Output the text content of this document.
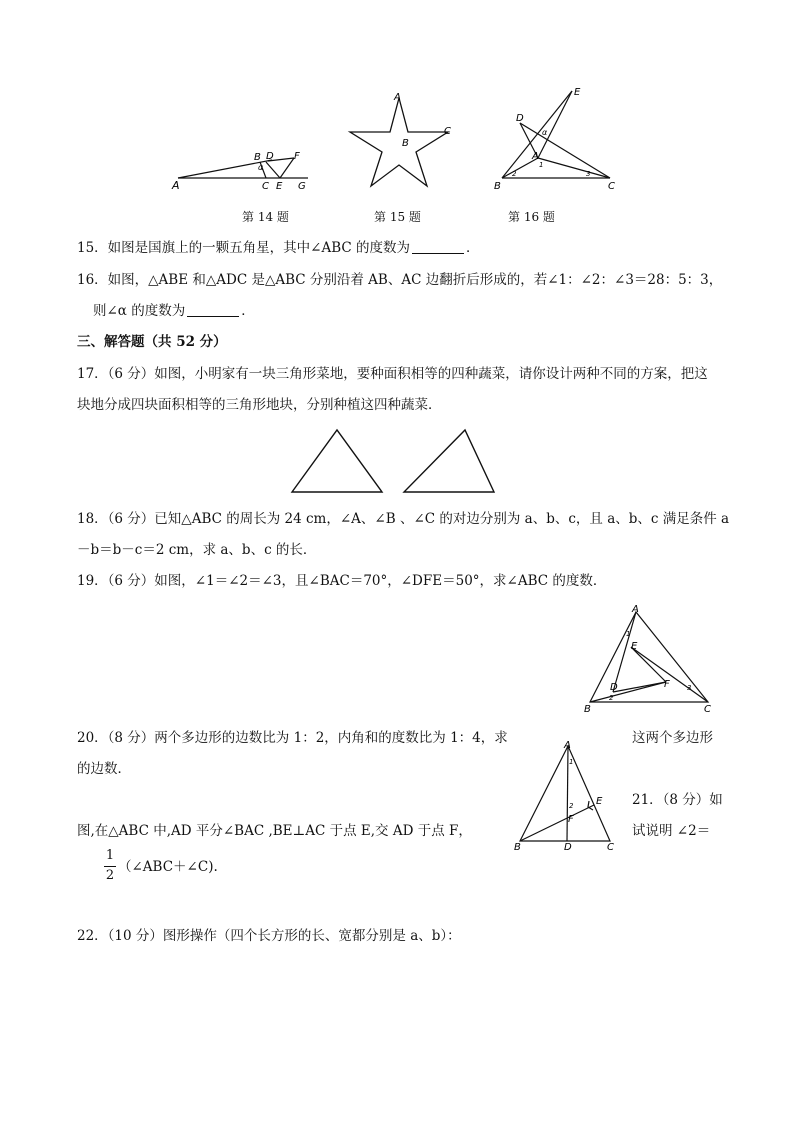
A
B D F
α
C E G
A
B
C
D
E
α
A
B	C
1
2	3
第 14 题	第 15 题	第 16 题
15．如图是国旗上的一颗五角星，其中∠ABC 的度数为	．
16．如图，△ABE 和△ADC 是△ABC 分别沿着 AB、AC 边翻折后形成的，若∠1：∠2：∠3＝28：5：3，
则∠α 的度数为	．
三、解答题（共 52 分）
17．（6 分）如图，小明家有一块三角形菜地，要种面积相等的四种蔬菜，请你设计两种不同的方案，把这
块地分成四块面积相等的三角形地块，分别种植这四种蔬菜．
18．（6 分）已知△ABC 的周长为 24 cm，∠A、∠B 、∠C 的对边分别为 a、b、c，且 a、b、c 满足条件 a
－b＝b－c＝2 cm，求 a、b、c 的长．
19．（6 分）如图，∠1＝∠2＝∠3，且∠BAC＝70°，∠DFE＝50°，求∠ABC 的度数．
A
1
E
D	F
2
3
B	C
20．（8 分）两个多边形的边数比为 1：2，内角和的度数比为 1：4，求	这两个多边形
的边数．
A
1
2 E
F
B	D	C
21．（8 分）如
图,在△ABC 中,AD 平分∠BAC ,BE⊥AC 于点 E,交 AD 于点 F，	试说明 ∠2＝
1
2
（∠ABC＋∠C).
22．（10 分）图形操作（四个长方形的长、宽都分别是 a、b）：
